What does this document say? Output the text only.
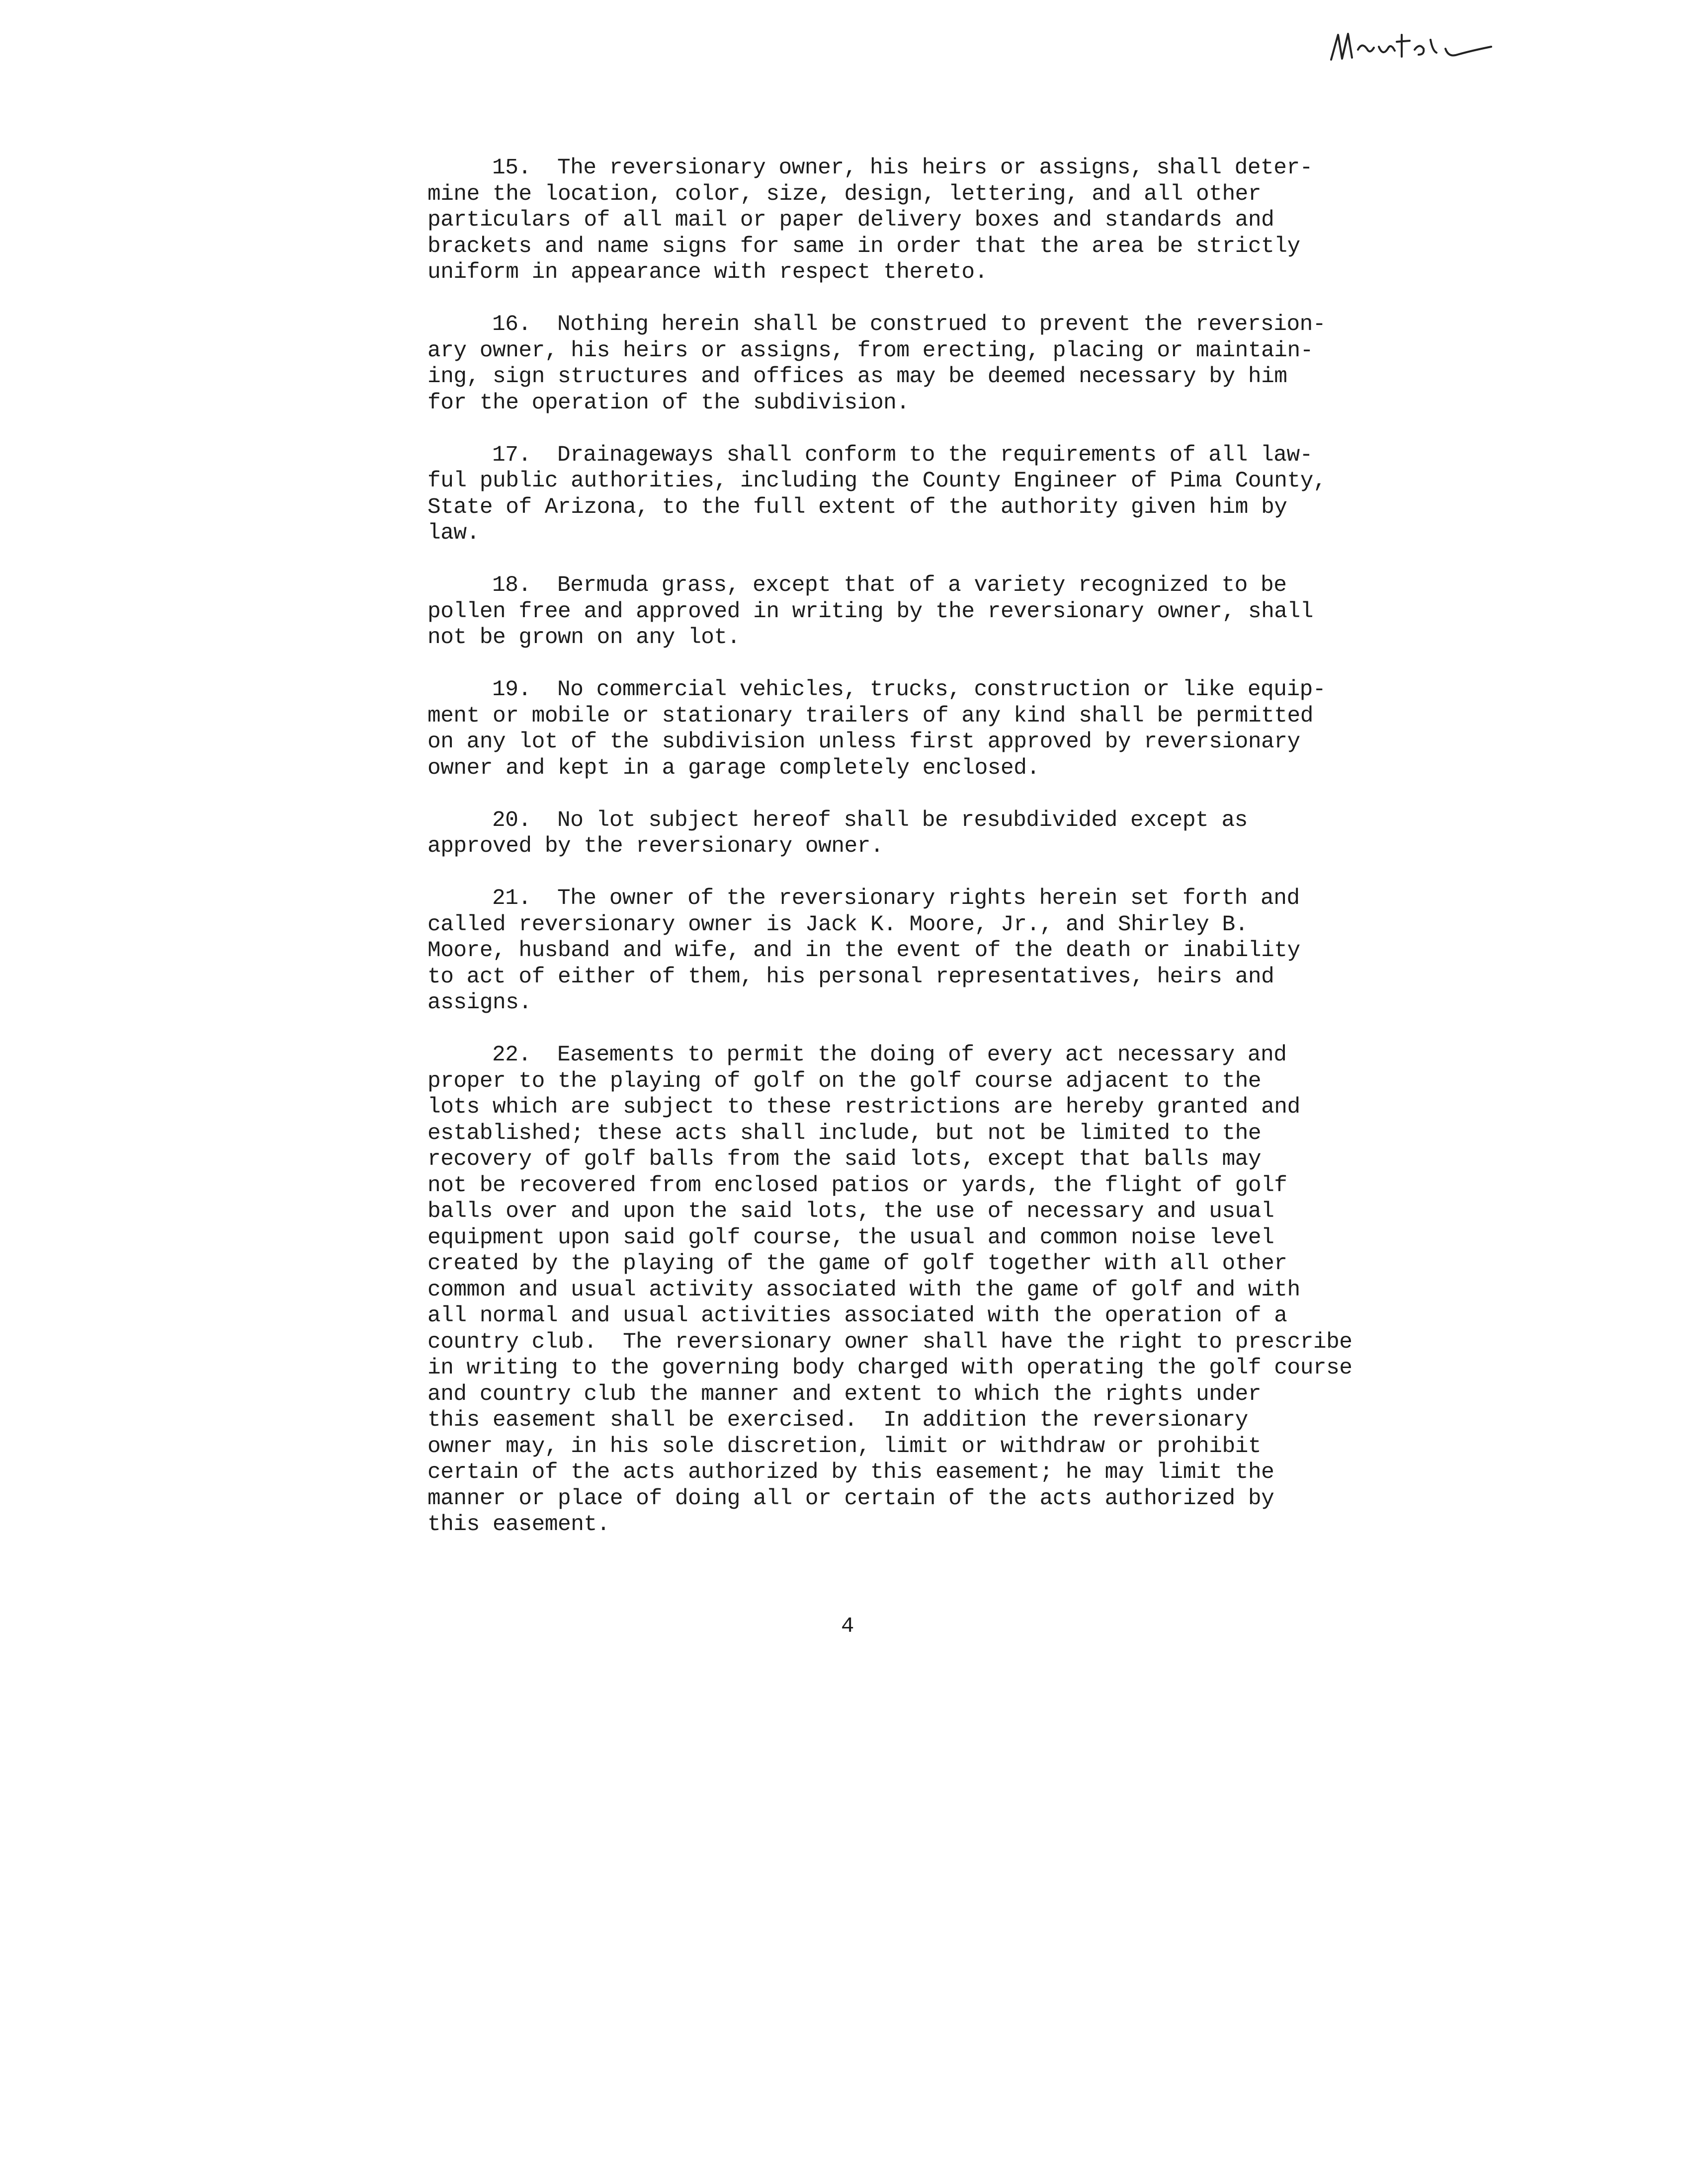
15.  The reversionary owner, his heirs or assigns, shall deter-
mine the location, color, size, design, lettering, and all other
particulars of all mail or paper delivery boxes and standards and
brackets and name signs for same in order that the area be strictly
uniform in appearance with respect thereto.
16.  Nothing herein shall be construed to prevent the reversion-
ary owner, his heirs or assigns, from erecting, placing or maintain-
ing, sign structures and offices as may be deemed necessary by him
for the operation of the subdivision.
17.  Drainageways shall conform to the requirements of all law-
ful public authorities, including the County Engineer of Pima County,
State of Arizona, to the full extent of the authority given him by
law.
18.  Bermuda grass, except that of a variety recognized to be
pollen free and approved in writing by the reversionary owner, shall
not be grown on any lot.
19.  No commercial vehicles, trucks, construction or like equip-
ment or mobile or stationary trailers of any kind shall be permitted
on any lot of the subdivision unless first approved by reversionary
owner and kept in a garage completely enclosed.
20.  No lot subject hereof shall be resubdivided except as
approved by the reversionary owner.
21.  The owner of the reversionary rights herein set forth and
called reversionary owner is Jack K. Moore, Jr., and Shirley B.
Moore, husband and wife, and in the event of the death or inability
to act of either of them, his personal representatives, heirs and
assigns.
22.  Easements to permit the doing of every act necessary and
proper to the playing of golf on the golf course adjacent to the
lots which are subject to these restrictions are hereby granted and
established; these acts shall include, but not be limited to the
recovery of golf balls from the said lots, except that balls may
not be recovered from enclosed patios or yards, the flight of golf
balls over and upon the said lots, the use of necessary and usual
equipment upon said golf course, the usual and common noise level
created by the playing of the game of golf together with all other
common and usual activity associated with the game of golf and with
all normal and usual activities associated with the operation of a
country club.  The reversionary owner shall have the right to prescribe
in writing to the governing body charged with operating the golf course
and country club the manner and extent to which the rights under
this easement shall be exercised.  In addition the reversionary
owner may, in his sole discretion, limit or withdraw or prohibit
certain of the acts authorized by this easement; he may limit the
manner or place of doing all or certain of the acts authorized by
this easement.
4
